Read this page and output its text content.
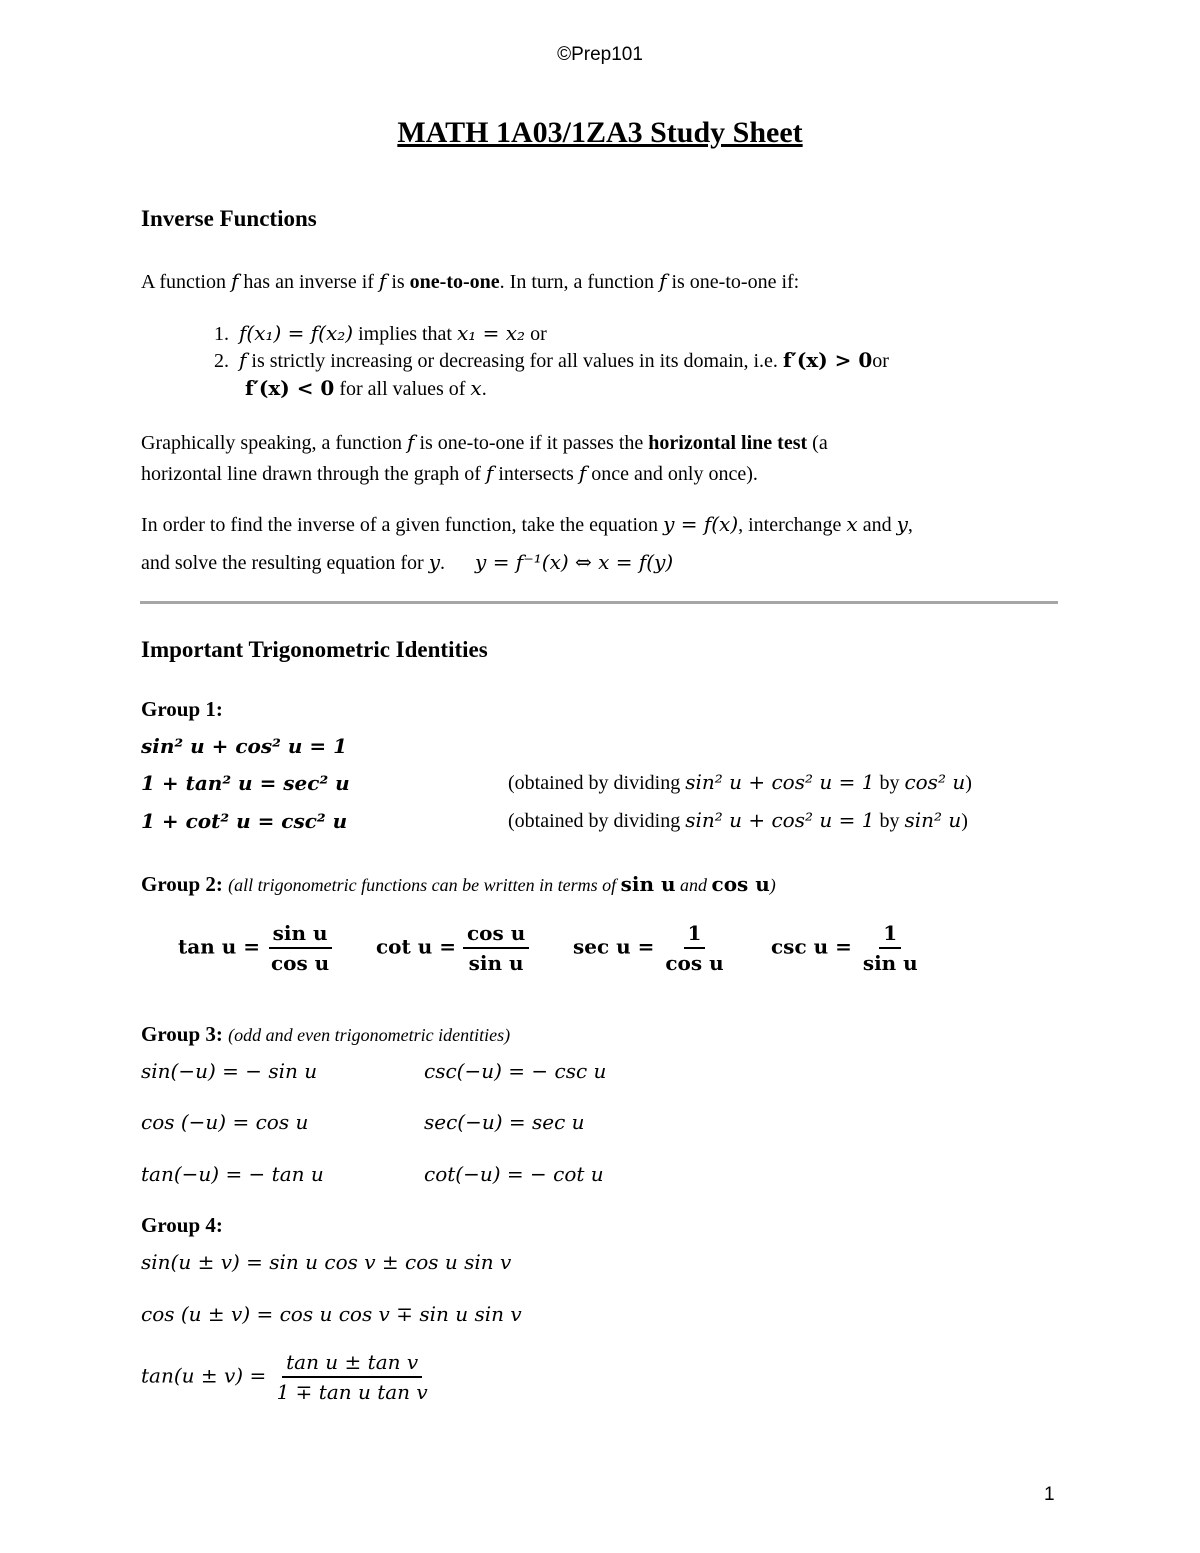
©Prep101
MATH 1A03/1ZA3 Study Sheet
Inverse Functions
A function f has an inverse if f is one-to-one. In turn, a function f is one-to-one if:
1. f(x₁) = f(x₂) implies that x₁ = x₂ or
2. f is strictly increasing or decreasing for all values in its domain, i.e. f′(x) > 0or
f′(x) < 0 for all values of x.
Graphically speaking, a function f is one-to-one if it passes the horizontal line test (a
horizontal line drawn through the graph of f intersects f once and only once).
In order to find the inverse of a given function, take the equation y = f(x), interchange x and y,
and solve the resulting equation for y. y = f⁻¹(x) ⇔ x = f(y)
Important Trigonometric Identities
Group 1:
sin² u + cos² u = 1
1 + tan² u = sec² u	(obtained by dividing sin² u + cos² u = 1 by cos² u)
1 + cot² u = csc² u	(obtained by dividing sin² u + cos² u = 1 by sin² u)
Group 2: (all trigonometric functions can be written in terms of sin u and cos u)
$\tan u = \frac{\text{sin u}}{\text{cos u}}$ $\cot u = \frac{\text{cos u}}{\text{sin u}}$ $\sec u = \frac{1}{\text{cos u}}$ $\csc u = \frac{1}{\text{sin u}}$
Group 3: (odd and even trigonometric identities)
sin(−u) = − sin u	csc(−u) = − csc u
cos (−u) = cos u	sec(−u) = sec u
tan(−u) = − tan u	cot(−u) = − cot u
Group 4:
sin(u ± v) = sin u cos v ± cos u sin v
cos (u ± v) = cos u cos v ∓ sin u sin v
$\tan(u \pm v) = \frac{\text{tan u ± tan v}}{\text{1 ∓ tan u tan v}}$
1
